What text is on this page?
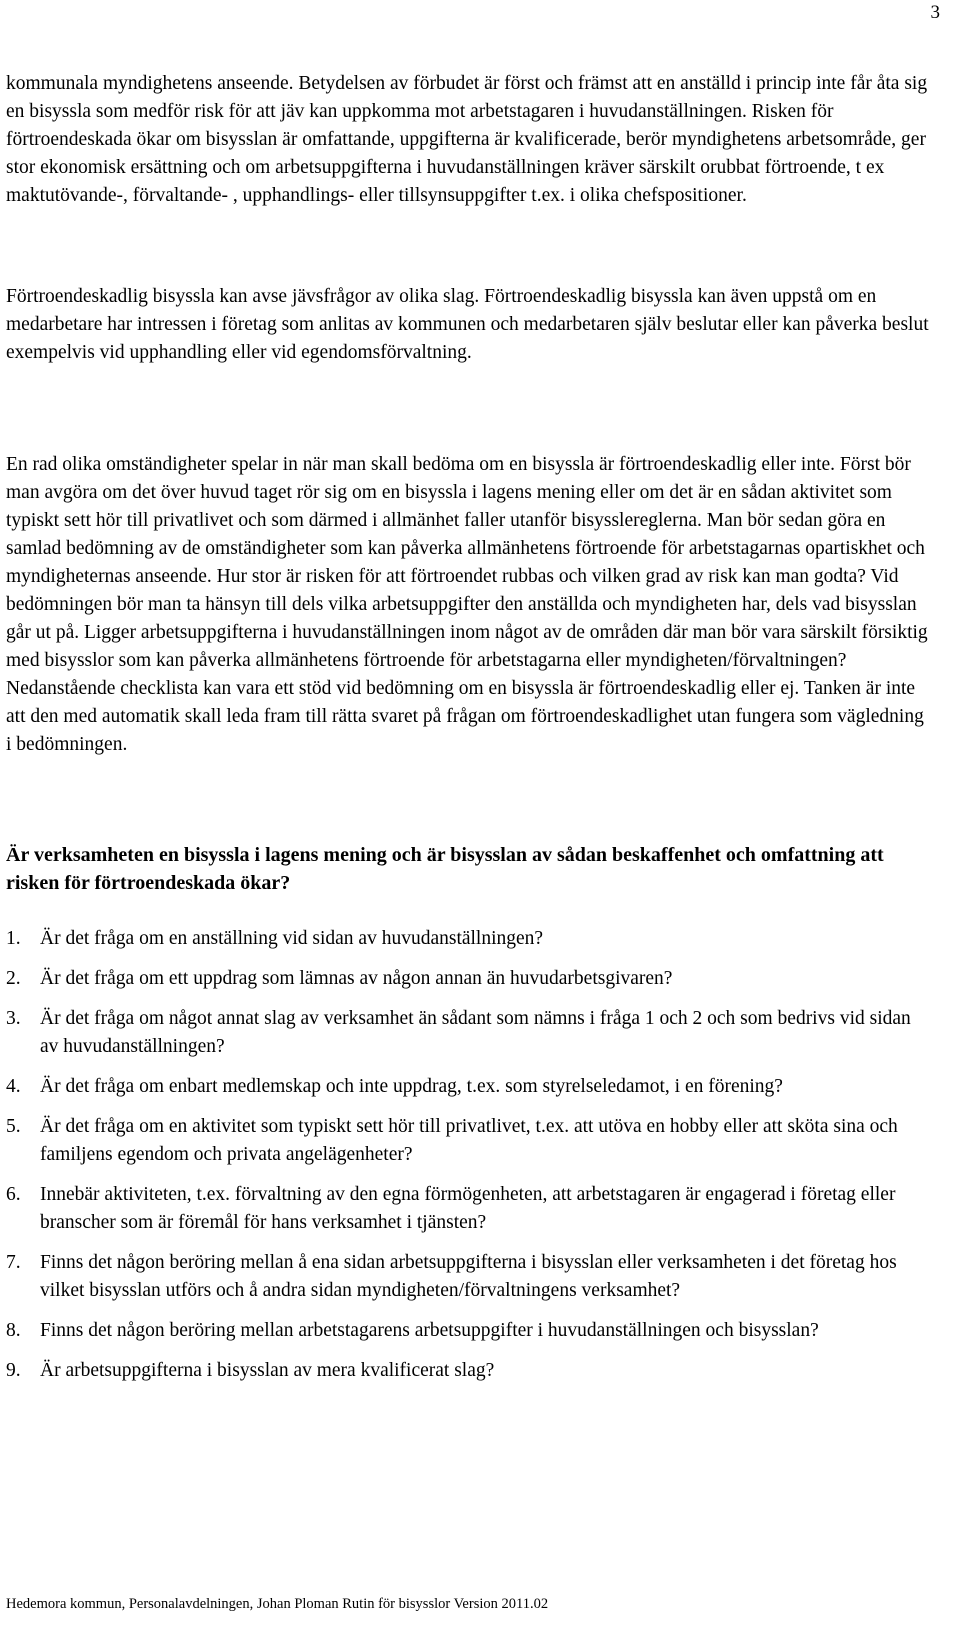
3

kommunala myndighetens anseende. Betydelsen av förbudet är först och främst att en anställd i princip inte får åta sig en bisyssla som medför risk för att jäv kan uppkomma mot arbetstagaren i huvudanställningen. Risken för förtroendeskada ökar om bisysslan är omfattande, uppgifterna är kvalificerade, berör myndighetens arbetsområde, ger stor ekonomisk ersättning och om arbetsuppgifterna i huvudanställningen kräver särskilt orubbat förtroende, t ex maktutövande-, förvaltande- , upphandlings- eller tillsynsuppgifter t.ex. i olika chefspositioner.

Förtroendeskadlig bisyssla kan avse jävsfrågor av olika slag. Förtroendeskadlig bisyssla kan även uppstå om en medarbetare har intressen i företag som anlitas av kommunen och medarbetaren själv beslutar eller kan påverka beslut exempelvis vid upphandling eller vid egendomsförvaltning.

En rad olika omständigheter spelar in när man skall bedöma om en bisyssla är förtroendeskadlig eller inte. Först bör man avgöra om det över huvud taget rör sig om en bisyssla i lagens mening eller om det är en sådan aktivitet som typiskt sett hör till privatlivet och som därmed i allmänhet faller utanför bisysslereglerna. Man bör sedan göra en samlad bedömning av de omständigheter som kan påverka allmänhetens förtroende för arbetstagarnas opartiskhet och myndigheternas anseende. Hur stor är risken för att förtroendet rubbas och vilken grad av risk kan man godta? Vid bedömningen bör man ta hänsyn till dels vilka arbetsuppgifter den anställda och myndigheten har, dels vad bisysslan går ut på. Ligger arbetsuppgifterna i huvudanställningen inom något av de områden där man bör vara särskilt försiktig med bisysslor som kan påverka allmänhetens förtroende för arbetstagarna eller myndigheten/förvaltningen? Nedanstående checklista kan vara ett stöd vid bedömning om en bisyssla är förtroendeskadlig eller ej. Tanken är inte att den med automatik skall leda fram till rätta svaret på frågan om förtroendeskadlighet utan fungera som vägledning i bedömningen.

Är verksamheten en bisyssla i lagens mening och är bisysslan av sådan beskaffenhet och omfattning att risken för förtroendeskada ökar?

1. Är det fråga om en anställning vid sidan av huvudanställningen?
2. Är det fråga om ett uppdrag som lämnas av någon annan än huvudarbetsgivaren?
3. Är det fråga om något annat slag av verksamhet än sådant som nämns i fråga 1 och 2 och som bedrivs vid sidan av huvudanställningen?
4. Är det fråga om enbart medlemskap och inte uppdrag, t.ex. som styrelseledamot, i en förening?
5. Är det fråga om en aktivitet som typiskt sett hör till privatlivet, t.ex. att utöva en hobby eller att sköta sina och familjens egendom och privata angelägenheter?
6. Innebär aktiviteten, t.ex. förvaltning av den egna förmögenheten, att arbetstagaren är engagerad i företag eller branscher som är föremål för hans verksamhet i tjänsten?
7. Finns det någon beröring mellan å ena sidan arbetsuppgifterna i bisysslan eller verksamheten i det företag hos vilket bisysslan utförs och å andra sidan myndigheten/förvaltningens verksamhet?
8. Finns det någon beröring mellan arbetstagarens arbetsuppgifter i huvudanställningen och bisysslan?
9. Är arbetsuppgifterna i bisysslan av mera kvalificerat slag?
Hedemora kommun, Personalavdelningen, Johan Ploman Rutin för bisysslor Version 2011.02
